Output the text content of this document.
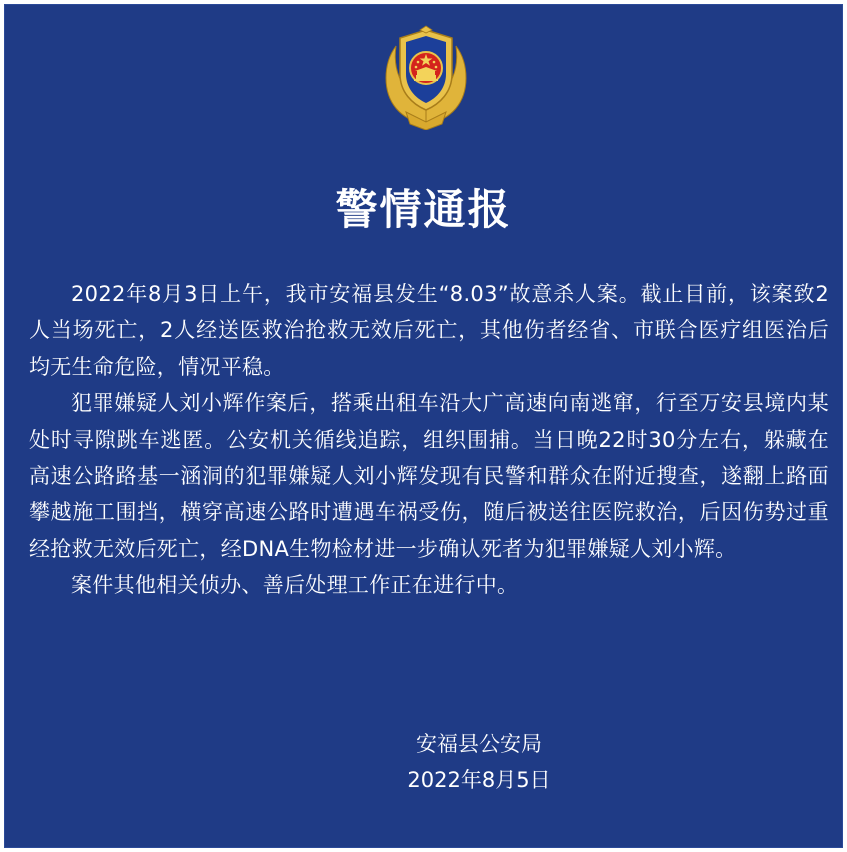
警情通报

2022年8月3日上午，我市安福县发生“8.03”故意杀人案。截止目前，该案致2人当场死亡，2人经送医救治抢救无效后死亡，其他伤者经省、市联合医疗组医治后均无生命危险，情况平稳。

犯罪嫌疑人刘小辉作案后，搭乘出租车沿大广高速向南逃窜，行至万安县境内某处时寻隙跳车逃匿。公安机关循线追踪，组织围捕。当日晚22时30分左右，躲藏在高速公路路基一涵洞的犯罪嫌疑人刘小辉发现有民警和群众在附近搜查，遂翻上路面攀越施工围挡，横穿高速公路时遭遇车祸受伤，随后被送往医院救治，后因伤势过重经抢救无效后死亡，经DNA生物检材进一步确认死者为犯罪嫌疑人刘小辉。

案件其他相关侦办、善后处理工作正在进行中。

安福县公安局
2022年8月5日
